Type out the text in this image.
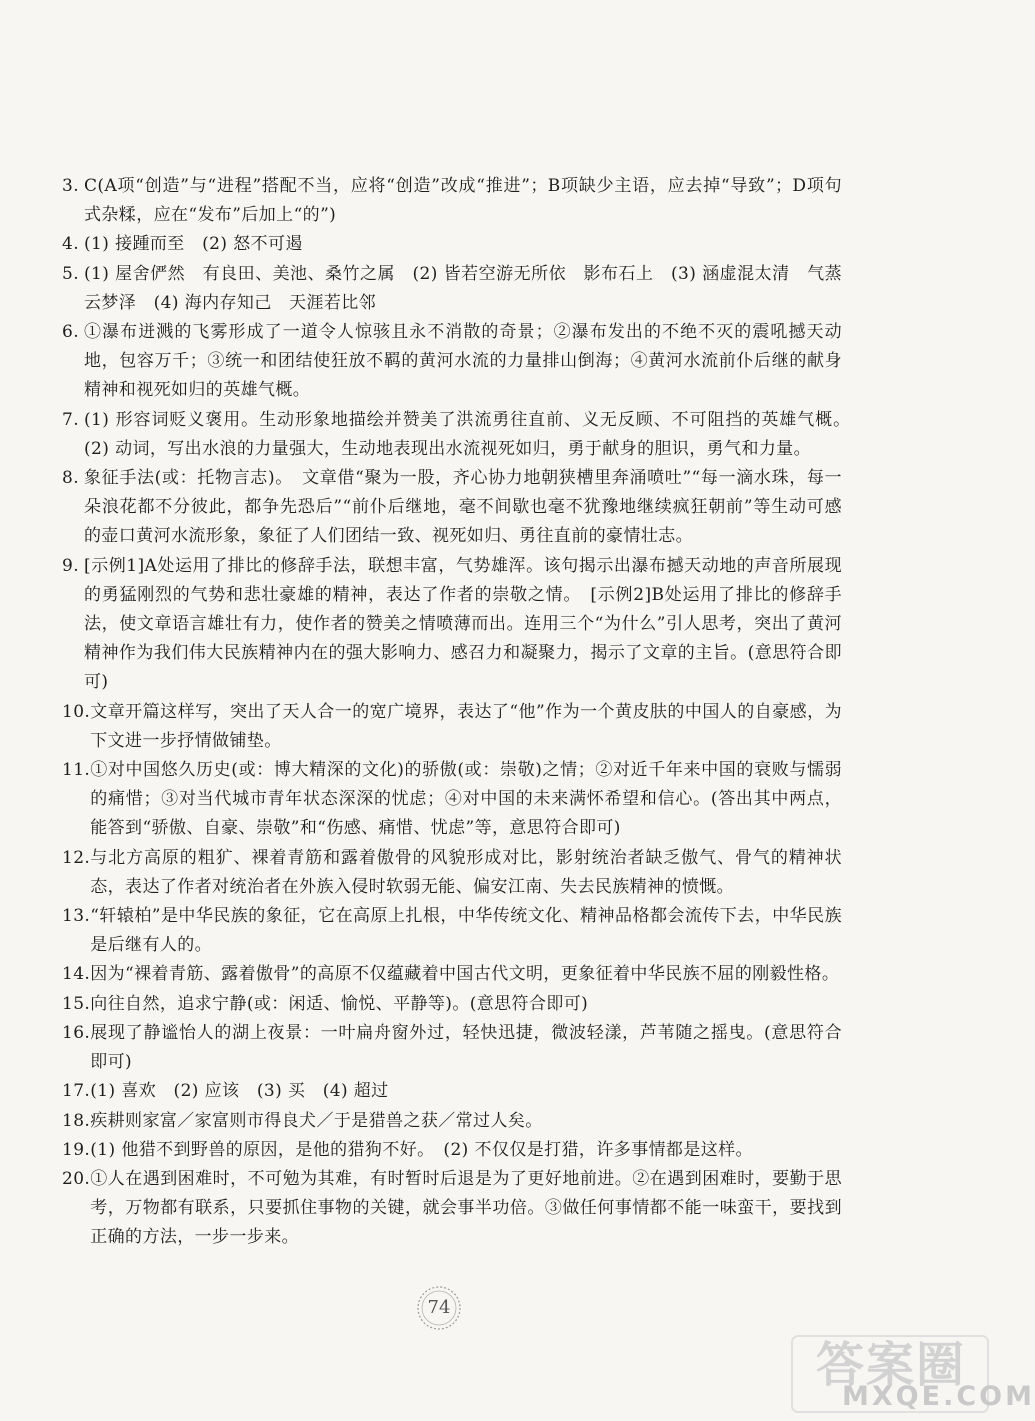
3. C(A项“创造”与“进程”搭配不当，应将“创造”改成“推进”；B项缺少主语，应去掉“导致”；D项句式杂糅，应在“发布”后加上“的”)
4. (1) 接踵而至　(2) 怒不可遏
5. (1) 屋舍俨然　有良田、美池、桑竹之属　(2) 皆若空游无所依　影布石上　(3) 涵虚混太清　气蒸云梦泽　(4) 海内存知己　天涯若比邻
6. ①瀑布迸溅的飞雾形成了一道令人惊骇且永不消散的奇景；②瀑布发出的不绝不灭的震吼撼天动地，包容万千；③统一和团结使狂放不羁的黄河水流的力量排山倒海；④黄河水流前仆后继的献身精神和视死如归的英雄气概。
7. (1) 形容词贬义褒用。生动形象地描绘并赞美了洪流勇往直前、义无反顾、不可阻挡的英雄气概。　(2) 动词，写出水浪的力量强大，生动地表现出水流视死如归，勇于献身的胆识，勇气和力量。
8. 象征手法(或：托物言志)。　文章借“聚为一股，齐心协力地朝狭槽里奔涌喷吐”“每一滴水珠，每一朵浪花都不分彼此，都争先恐后”“前仆后继地，毫不间歇也毫不犹豫地继续疯狂朝前”等生动可感的壶口黄河水流形象，象征了人们团结一致、视死如归、勇往直前的豪情壮志。
9. [示例1]A处运用了排比的修辞手法，联想丰富，气势雄浑。该句揭示出瀑布撼天动地的声音所展现的勇猛刚烈的气势和悲壮豪雄的精神，表达了作者的崇敬之情。　[示例2]B处运用了排比的修辞手法，使文章语言雄壮有力，使作者的赞美之情喷薄而出。连用三个“为什么”引人思考，突出了黄河精神作为我们伟大民族精神内在的强大影响力、感召力和凝聚力，揭示了文章的主旨。(意思符合即可)
10. 文章开篇这样写，突出了天人合一的宽广境界，表达了“他”作为一个黄皮肤的中国人的自豪感，为下文进一步抒情做铺垫。
11. ①对中国悠久历史(或：博大精深的文化)的骄傲(或：崇敬)之情；②对近千年来中国的衰败与懦弱的痛惜；③对当代城市青年状态深深的忧虑；④对中国的未来满怀希望和信心。(答出其中两点，能答到“骄傲、自豪、崇敬”和“伤感、痛惜、忧虑”等，意思符合即可)
12. 与北方高原的粗犷、裸着青筋和露着傲骨的风貌形成对比，影射统治者缺乏傲气、骨气的精神状态，表达了作者对统治者在外族入侵时软弱无能、偏安江南、失去民族精神的愤慨。
13. “轩辕柏”是中华民族的象征，它在高原上扎根，中华传统文化、精神品格都会流传下去，中华民族是后继有人的。
14. 因为“裸着青筋、露着傲骨”的高原不仅蕴藏着中国古代文明，更象征着中华民族不屈的刚毅性格。
15. 向往自然，追求宁静(或：闲适、愉悦、平静等)。(意思符合即可)
16. 展现了静谧怡人的湖上夜景：一叶扁舟窗外过，轻快迅捷，微波轻漾，芦苇随之摇曳。(意思符合即可)
17. (1) 喜欢　(2) 应该　(3) 买　(4) 超过
18. 疾耕则家富／家富则市得良犬／于是猎兽之获／常过人矣。
19. (1) 他猎不到野兽的原因，是他的猎狗不好。　(2) 不仅仅是打猎，许多事情都是这样。
20. ①人在遇到困难时，不可勉为其难，有时暂时后退是为了更好地前进。②在遇到困难时，要勤于思考，万物都有联系，只要抓住事物的关键，就会事半功倍。③做任何事情都不能一味蛮干，要找到正确的方法，一步一步来。
74
答案圈
MXQE.COM
